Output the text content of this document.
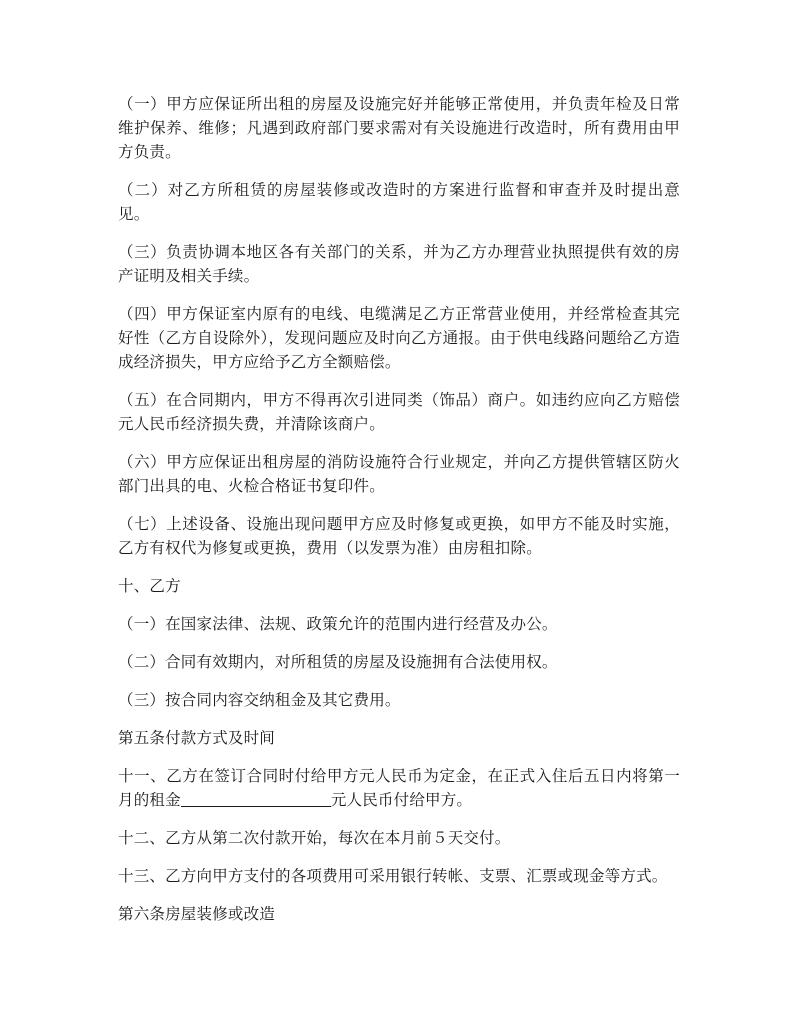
（一）甲方应保证所出租的房屋及设施完好并能够正常使用，并负责年检及日常维护保养、维修；凡遇到政府部门要求需对有关设施进行改造时，所有费用由甲方负责。

（二）对乙方所租赁的房屋装修或改造时的方案进行监督和审查并及时提出意见。

（三）负责协调本地区各有关部门的关系，并为乙方办理营业执照提供有效的房产证明及相关手续。

（四）甲方保证室内原有的电线、电缆满足乙方正常营业使用，并经常检查其完好性（乙方自设除外），发现问题应及时向乙方通报。由于供电线路问题给乙方造成经济损失，甲方应给予乙方全额赔偿。

（五）在合同期内，甲方不得再次引进同类（饰品）商户。如违约应向乙方赔偿元人民币经济损失费，并清除该商户。

（六）甲方应保证出租房屋的消防设施符合行业规定，并向乙方提供管辖区防火部门出具的电、火检合格证书复印件。

（七）上述设备、设施出现问题甲方应及时修复或更换，如甲方不能及时实施，乙方有权代为修复或更换，费用（以发票为准）由房租扣除。

十、乙方

（一）在国家法律、法规、政策允许的范围内进行经营及办公。

（二）合同有效期内，对所租赁的房屋及设施拥有合法使用权。

（三）按合同内容交纳租金及其它费用。

第五条付款方式及时间

十一、乙方在签订合同时付给甲方元人民币为定金，在正式入住后五日内将第一月的租金	元人民币付给甲方。

十二、乙方从第二次付款开始，每次在本月前５天交付。

十三、乙方向甲方支付的各项费用可采用银行转帐、支票、汇票或现金等方式。

第六条房屋装修或改造
